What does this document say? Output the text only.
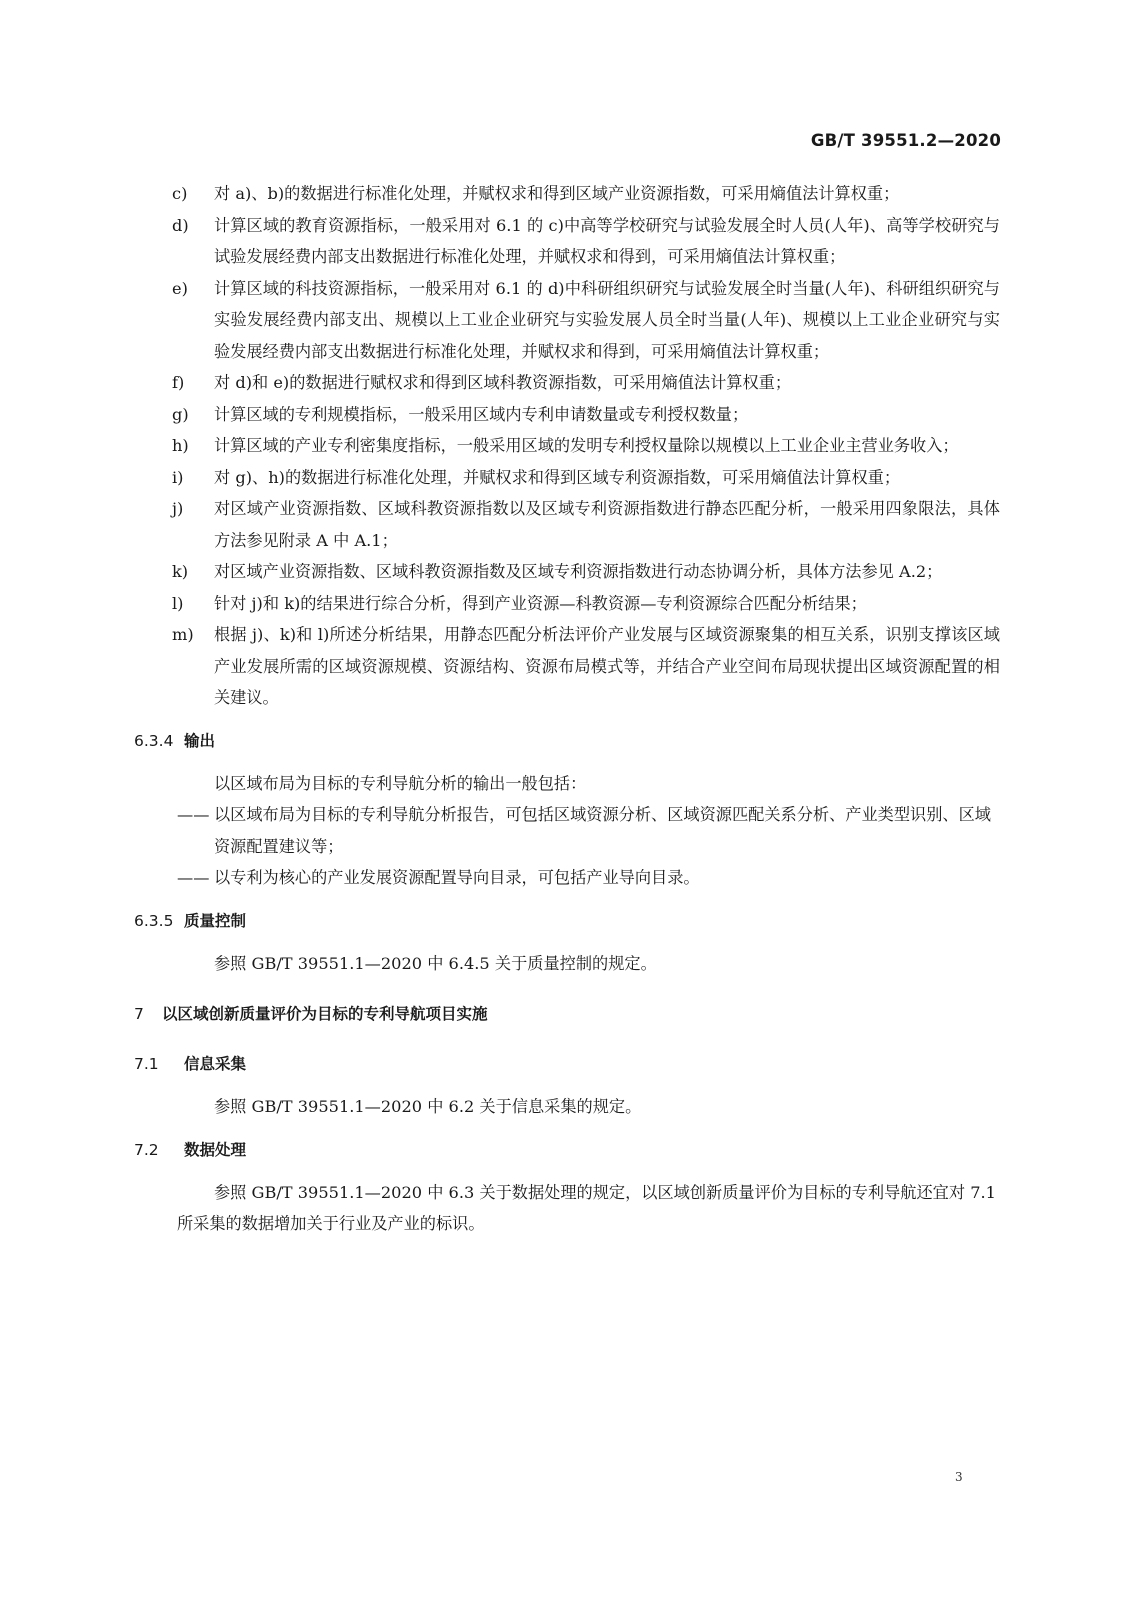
GB/T 39551.2—2020
c) 对 a)、b)的数据进行标准化处理，并赋权求和得到区域产业资源指数，可采用熵值法计算权重；
d) 计算区域的教育资源指标，一般采用对 6.1 的 c)中高等学校研究与试验发展全时人员(人年)、高等学校研究与试验发展经费内部支出数据进行标准化处理，并赋权求和得到，可采用熵值法计算权重；
e) 计算区域的科技资源指标，一般采用对 6.1 的 d)中科研组织研究与试验发展全时当量(人年)、科研组织研究与实验发展经费内部支出、规模以上工业企业研究与实验发展人员全时当量(人年)、规模以上工业企业研究与实验发展经费内部支出数据进行标准化处理，并赋权求和得到，可采用熵值法计算权重；
f) 对 d)和 e)的数据进行赋权求和得到区域科教资源指数，可采用熵值法计算权重；
g) 计算区域的专利规模指标，一般采用区域内专利申请数量或专利授权数量；
h) 计算区域的产业专利密集度指标，一般采用区域的发明专利授权量除以规模以上工业企业主营业务收入；
i) 对 g)、h)的数据进行标准化处理，并赋权求和得到区域专利资源指数，可采用熵值法计算权重；
j) 对区域产业资源指数、区域科教资源指数以及区域专利资源指数进行静态匹配分析，一般采用四象限法，具体方法参见附录 A 中 A.1；
k) 对区域产业资源指数、区域科教资源指数及区域专利资源指数进行动态协调分析，具体方法参见 A.2；
l) 针对 j)和 k)的结果进行综合分析，得到产业资源—科教资源—专利资源综合匹配分析结果；
m) 根据 j)、k)和 l)所述分析结果，用静态匹配分析法评价产业发展与区域资源聚集的相互关系，识别支撑该区域产业发展所需的区域资源规模、资源结构、资源布局模式等，并结合产业空间布局现状提出区域资源配置的相关建议。
6.3.4 输出
以区域布局为目标的专利导航分析的输出一般包括：
—— 以区域布局为目标的专利导航分析报告，可包括区域资源分析、区域资源匹配关系分析、产业类型识别、区域资源配置建议等；
—— 以专利为核心的产业发展资源配置导向目录，可包括产业导向目录。
6.3.5 质量控制
参照 GB/T 39551.1—2020 中 6.4.5 关于质量控制的规定。
7 以区域创新质量评价为目标的专利导航项目实施
7.1 信息采集
参照 GB/T 39551.1—2020 中 6.2 关于信息采集的规定。
7.2 数据处理
参照 GB/T 39551.1—2020 中 6.3 关于数据处理的规定，以区域创新质量评价为目标的专利导航还宜对 7.1 所采集的数据增加关于行业及产业的标识。
3
